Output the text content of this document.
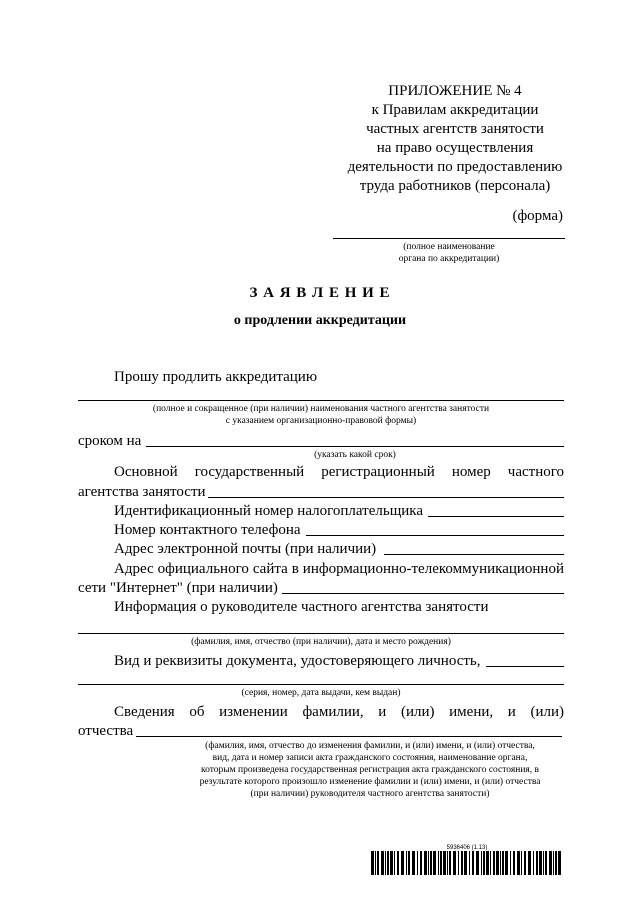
ПРИЛОЖЕНИЕ № 4
к Правилам аккредитации
частных агентств занятости
на право осуществления
деятельности по предоставлению
труда работников (персонала)
(форма)
(полное наименование
органа по аккредитации)
З А Я В Л Е Н И Е
о продлении аккредитации
Прошу продлить аккредитацию
(полное и сокращенное (при наличии) наименования частного агентства занятости
с указанием организационно-правовой формы)
сроком на
(указать какой срок)
Основной государственный регистрационный номер частного
агентства занятости
Идентификационный номер налогоплательщика
Номер контактного телефона
Адрес электронной почты (при наличии)
Адрес официального сайта в информационно-телекоммуникационной
сети "Интернет" (при наличии)
Информация о руководителе частного агентства занятости
(фамилия, имя, отчество (при наличии), дата и место рождения)
Вид и реквизиты документа, удостоверяющего личность,
(серия, номер, дата выдачи, кем выдан)
Сведения об изменении фамилии, и (или) имени, и (или)
отчества
(фамилия, имя, отчество до изменения фамилии, и (или) имени, и (или) отчества,
вид, дата и номер записи акта гражданского состояния, наименование органа,
которым произведена государственная регистрация акта гражданского состояния, в
результате которого произошло изменение фамилии и (или) имени, и (или) отчества
(при наличии) руководителя частного агентства занятости)
5936406 (1.13)
